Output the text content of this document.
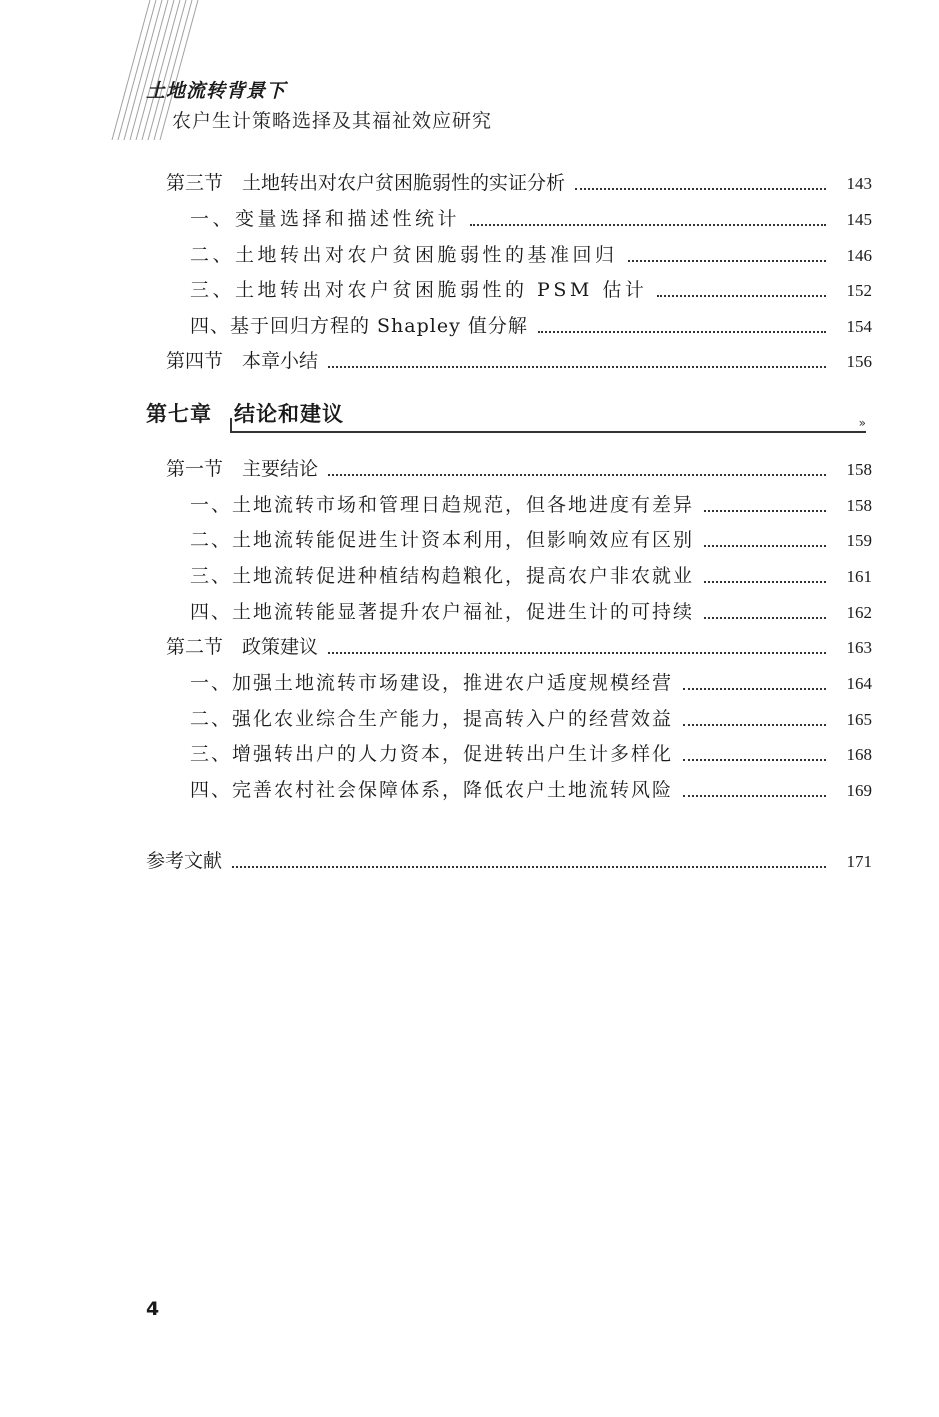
土地流转背景下
农户生计策略选择及其福祉效应研究
第三节　土地转出对农户贫困脆弱性的实证分析	143
一、变量选择和描述性统计	145
二、土地转出对农户贫困脆弱性的基准回归	146
三、土地转出对农户贫困脆弱性的 PSM 估计	152
四、基于回归方程的 Shapley 值分解	154
第四节　本章小结	156
第七章　结论和建议	»
第一节　主要结论	158
一、土地流转市场和管理日趋规范，但各地进度有差异	158
二、土地流转能促进生计资本利用，但影响效应有区别	159
三、土地流转促进种植结构趋粮化，提高农户非农就业	161
四、土地流转能显著提升农户福祉，促进生计的可持续	162
第二节　政策建议	163
一、加强土地流转市场建设，推进农户适度规模经营	164
二、强化农业综合生产能力，提高转入户的经营效益	165
三、增强转出户的人力资本，促进转出户生计多样化	168
四、完善农村社会保障体系，降低农户土地流转风险	169
参考文献	171
4
